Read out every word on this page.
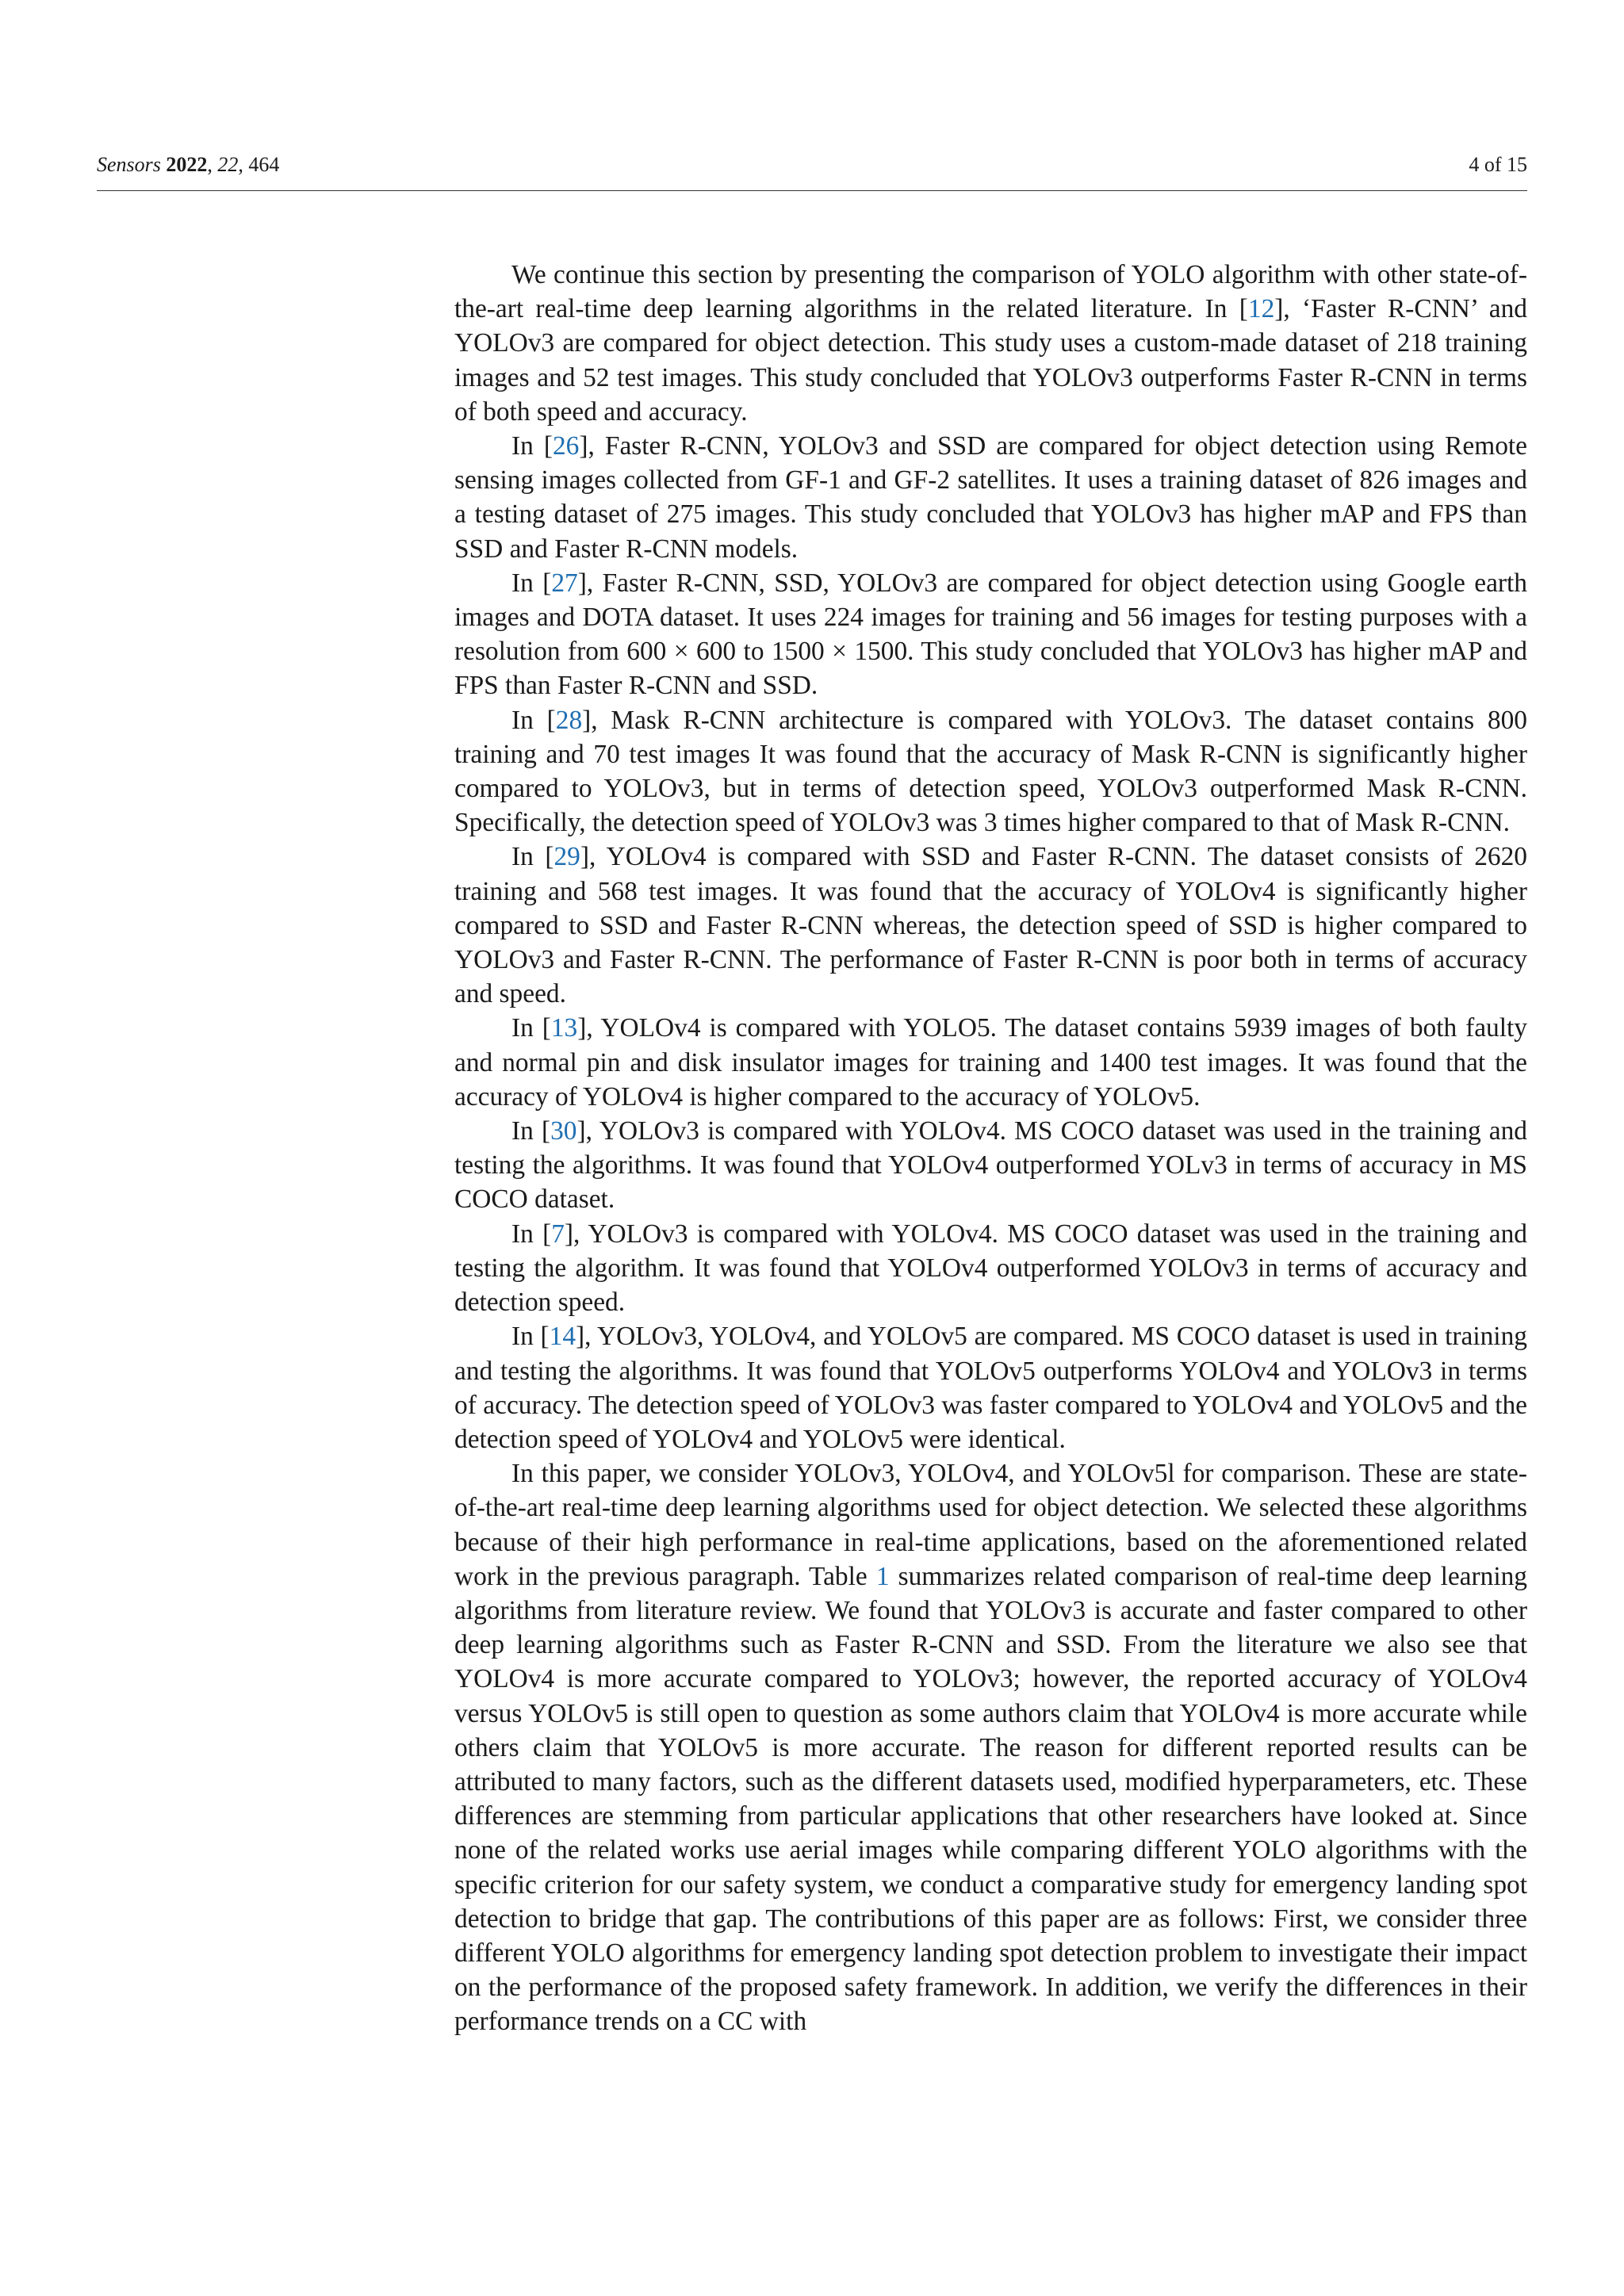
Sensors 2022, 22, 464	4 of 15

We continue this section by presenting the comparison of YOLO algorithm with other state-of-the-art real-time deep learning algorithms in the related literature. In [12], ‘Faster R-CNN’ and YOLOv3 are compared for object detection. This study uses a custom-made dataset of 218 training images and 52 test images. This study concluded that YOLOv3 outperforms Faster R-CNN in terms of both speed and accuracy.

In [26], Faster R-CNN, YOLOv3 and SSD are compared for object detection using Remote sensing images collected from GF-1 and GF-2 satellites. It uses a training dataset of 826 images and a testing dataset of 275 images. This study concluded that YOLOv3 has higher mAP and FPS than SSD and Faster R-CNN models.

In [27], Faster R-CNN, SSD, YOLOv3 are compared for object detection using Google earth images and DOTA dataset. It uses 224 images for training and 56 images for testing purposes with a resolution from 600 × 600 to 1500 × 1500. This study concluded that YOLOv3 has higher mAP and FPS than Faster R-CNN and SSD.

In [28], Mask R-CNN architecture is compared with YOLOv3. The dataset contains 800 training and 70 test images It was found that the accuracy of Mask R-CNN is significantly higher compared to YOLOv3, but in terms of detection speed, YOLOv3 outperformed Mask R-CNN. Specifically, the detection speed of YOLOv3 was 3 times higher compared to that of Mask R-CNN.

In [29], YOLOv4 is compared with SSD and Faster R-CNN. The dataset consists of 2620 training and 568 test images. It was found that the accuracy of YOLOv4 is significantly higher compared to SSD and Faster R-CNN whereas, the detection speed of SSD is higher compared to YOLOv3 and Faster R-CNN. The performance of Faster R-CNN is poor both in terms of accuracy and speed.

In [13], YOLOv4 is compared with YOLO5. The dataset contains 5939 images of both faulty and normal pin and disk insulator images for training and 1400 test images. It was found that the accuracy of YOLOv4 is higher compared to the accuracy of YOLOv5.

In [30], YOLOv3 is compared with YOLOv4. MS COCO dataset was used in the training and testing the algorithms. It was found that YOLOv4 outperformed YOLv3 in terms of accuracy in MS COCO dataset.

In [7], YOLOv3 is compared with YOLOv4. MS COCO dataset was used in the training and testing the algorithm. It was found that YOLOv4 outperformed YOLOv3 in terms of accuracy and detection speed.

In [14], YOLOv3, YOLOv4, and YOLOv5 are compared. MS COCO dataset is used in training and testing the algorithms. It was found that YOLOv5 outperforms YOLOv4 and YOLOv3 in terms of accuracy. The detection speed of YOLOv3 was faster compared to YOLOv4 and YOLOv5 and the detection speed of YOLOv4 and YOLOv5 were identical.

In this paper, we consider YOLOv3, YOLOv4, and YOLOv5l for comparison. These are state-of-the-art real-time deep learning algorithms used for object detection. We selected these algorithms because of their high performance in real-time applications, based on the aforementioned related work in the previous paragraph. Table 1 summarizes related comparison of real-time deep learning algorithms from literature review. We found that YOLOv3 is accurate and faster compared to other deep learning algorithms such as Faster R-CNN and SSD. From the literature we also see that YOLOv4 is more accurate compared to YOLOv3; however, the reported accuracy of YOLOv4 versus YOLOv5 is still open to question as some authors claim that YOLOv4 is more accurate while others claim that YOLOv5 is more accurate. The reason for different reported results can be attributed to many factors, such as the different datasets used, modified hyperparameters, etc. These differences are stemming from particular applications that other researchers have looked at. Since none of the related works use aerial images while comparing different YOLO algorithms with the specific criterion for our safety system, we conduct a comparative study for emergency landing spot detection to bridge that gap. The contributions of this paper are as follows: First, we consider three different YOLO algorithms for emergency landing spot detection problem to investigate their impact on the performance of the proposed safety framework. In addition, we verify the differences in their performance trends on a CC with
